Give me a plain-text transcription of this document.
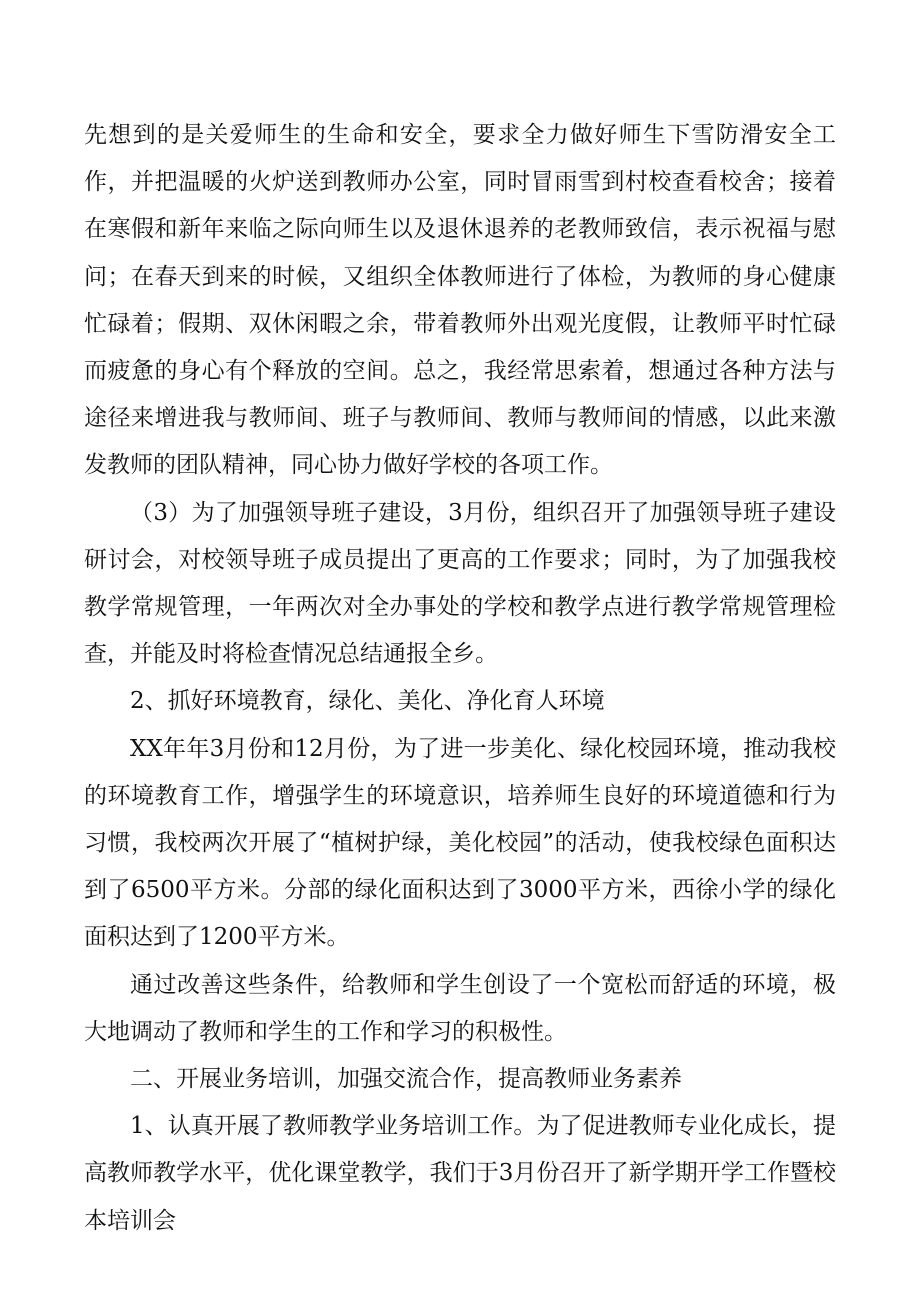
先想到的是关爱师生的生命和安全，要求全力做好师生下雪防滑安全工作，并把温暖的火炉送到教师办公室，同时冒雨雪到村校查看校舍；接着在寒假和新年来临之际向师生以及退休退养的老教师致信，表示祝福与慰问；在春天到来的时候，又组织全体教师进行了体检，为教师的身心健康忙碌着；假期、双休闲暇之余，带着教师外出观光度假，让教师平时忙碌而疲惫的身心有个释放的空间。总之，我经常思索着，想通过各种方法与途径来增进我与教师间、班子与教师间、教师与教师间的情感，以此来激发教师的团队精神，同心协力做好学校的各项工作。

（3）为了加强领导班子建设，3月份，组织召开了加强领导班子建设研讨会，对校领导班子成员提出了更高的工作要求；同时，为了加强我校教学常规管理，一年两次对全办事处的学校和教学点进行教学常规管理检查，并能及时将检查情况总结通报全乡。

2、抓好环境教育，绿化、美化、净化育人环境

XX年年3月份和12月份，为了进一步美化、绿化校园环境，推动我校的环境教育工作，增强学生的环境意识，培养师生良好的环境道德和行为习惯，我校两次开展了“植树护绿，美化校园”的活动，使我校绿色面积达到了6500平方米。分部的绿化面积达到了3000平方米，西徐小学的绿化面积达到了1200平方米。

通过改善这些条件，给教师和学生创设了一个宽松而舒适的环境，极大地调动了教师和学生的工作和学习的积极性。

二、开展业务培训，加强交流合作，提高教师业务素养

1、认真开展了教师教学业务培训工作。为了促进教师专业化成长，提高教师教学水平，优化课堂教学，我们于3月份召开了新学期开学工作暨校本培训会
